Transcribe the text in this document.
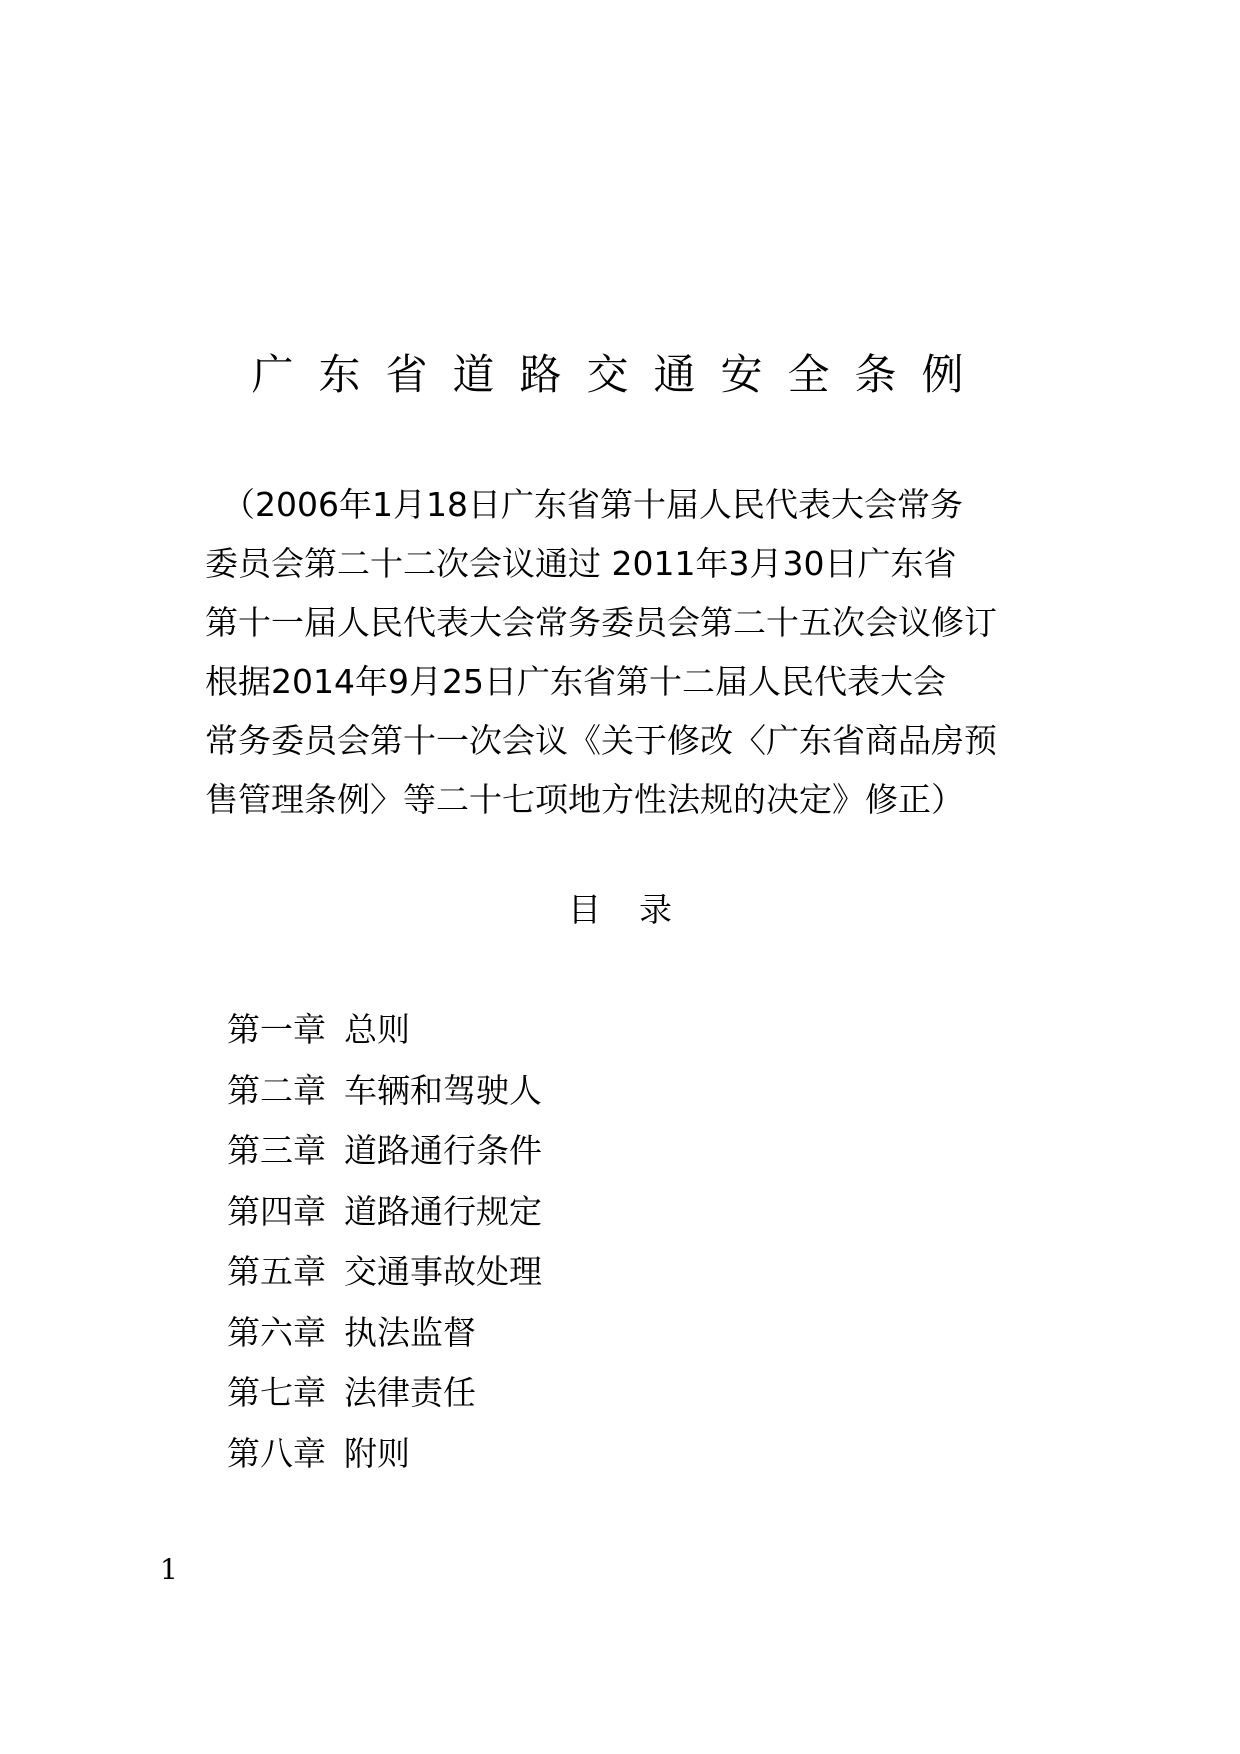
广东省道路交通安全条例
（2006年1月18日广东省第十届人民代表大会常务
委员会第二十二次会议通过 2011年3月30日广东省
第十一届人民代表大会常务委员会第二十五次会议修订
根据2014年9月25日广东省第十二届人民代表大会
常务委员会第十一次会议《关于修改〈广东省商品房预
售管理条例〉等二十七项地方性法规的决定》修正）
目 录
第一章 总则
第二章 车辆和驾驶人
第三章 道路通行条件
第四章 道路通行规定
第五章 交通事故处理
第六章 执法监督
第七章 法律责任
第八章 附则
1
